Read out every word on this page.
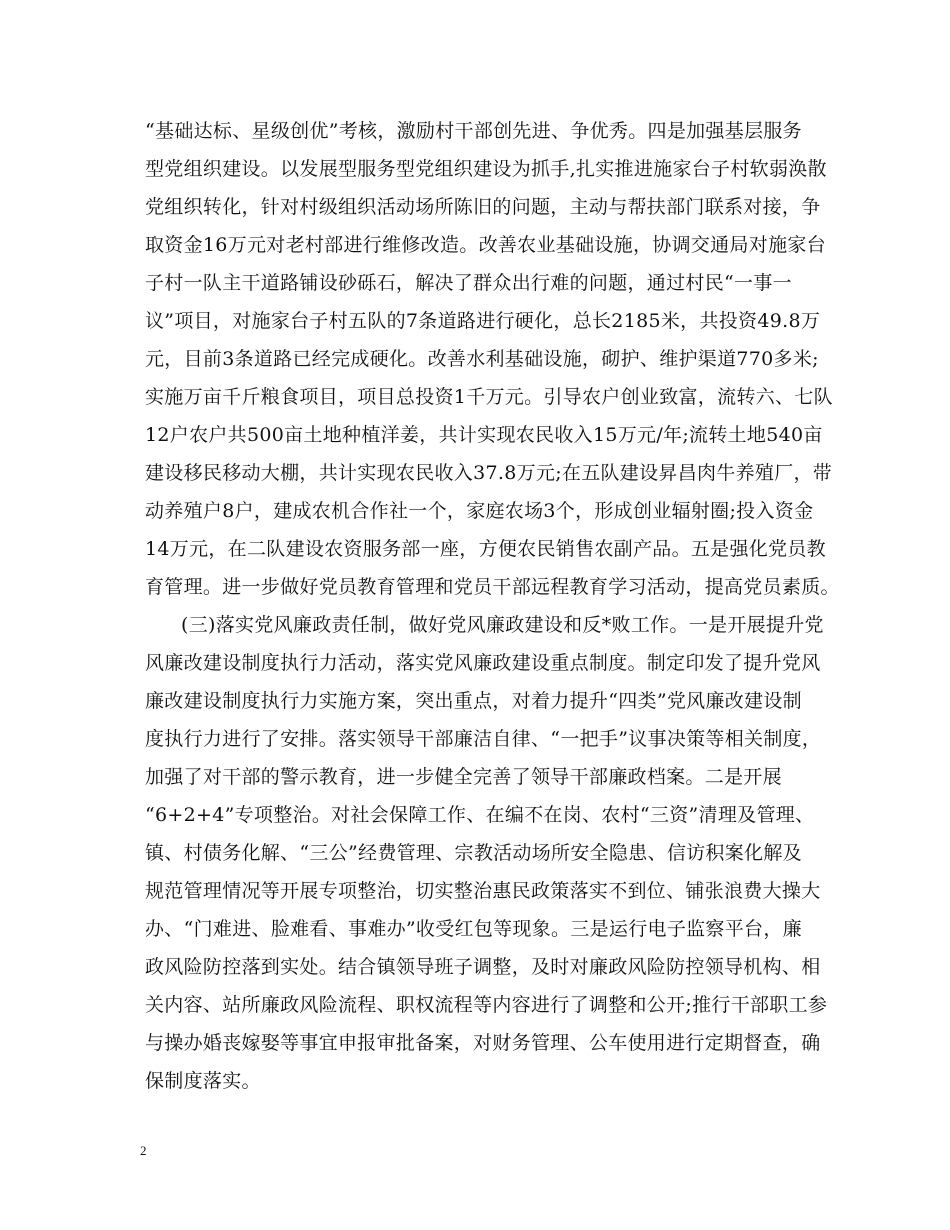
“基础达标、星级创优”考核，激励村干部创先进、争优秀。四是加强基层服务
型党组织建设。以发展型服务型党组织建设为抓手,扎实推进施家台子村软弱涣散
党组织转化，针对村级组织活动场所陈旧的问题，主动与帮扶部门联系对接，争
取资金16万元对老村部进行维修改造。改善农业基础设施，协调交通局对施家台
子村一队主干道路铺设砂砾石，解决了群众出行难的问题，通过村民“一事一
议”项目，对施家台子村五队的7条道路进行硬化，总长2185米，共投资49.8万
元，目前3条道路已经完成硬化。改善水利基础设施，砌护、维护渠道770多米;
实施万亩千斤粮食项目，项目总投资1千万元。引导农户创业致富，流转六、七队
12户农户共500亩土地种植洋姜，共计实现农民收入15万元/年;流转土地540亩
建设移民移动大棚，共计实现农民收入37.8万元;在五队建设昇昌肉牛养殖厂，带
动养殖户8户，建成农机合作社一个，家庭农场3个，形成创业辐射圈;投入资金
14万元，在二队建设农资服务部一座，方便农民销售农副产品。五是强化党员教
育管理。进一步做好党员教育管理和党员干部远程教育学习活动，提高党员素质。
(三)落实党风廉政责任制，做好党风廉政建设和反*败工作。一是开展提升党
风廉改建设制度执行力活动，落实党风廉政建设重点制度。制定印发了提升党风
廉改建设制度执行力实施方案，突出重点，对着力提升“四类”党风廉改建设制
度执行力进行了安排。落实领导干部廉洁自律、“一把手”议事决策等相关制度，
加强了对干部的警示教育，进一步健全完善了领导干部廉政档案。二是开展
“6+2+4”专项整治。对社会保障工作、在编不在岗、农村“三资”清理及管理、
镇、村债务化解、“三公”经费管理、宗教活动场所安全隐患、信访积案化解及
规范管理情况等开展专项整治，切实整治惠民政策落实不到位、铺张浪费大操大
办、“门难进、脸难看、事难办”收受红包等现象。三是运行电子监察平台，廉
政风险防控落到实处。结合镇领导班子调整，及时对廉政风险防控领导机构、相
关内容、站所廉政风险流程、职权流程等内容进行了调整和公开;推行干部职工参
与操办婚丧嫁娶等事宜申报审批备案，对财务管理、公车使用进行定期督查，确
保制度落实。
2
